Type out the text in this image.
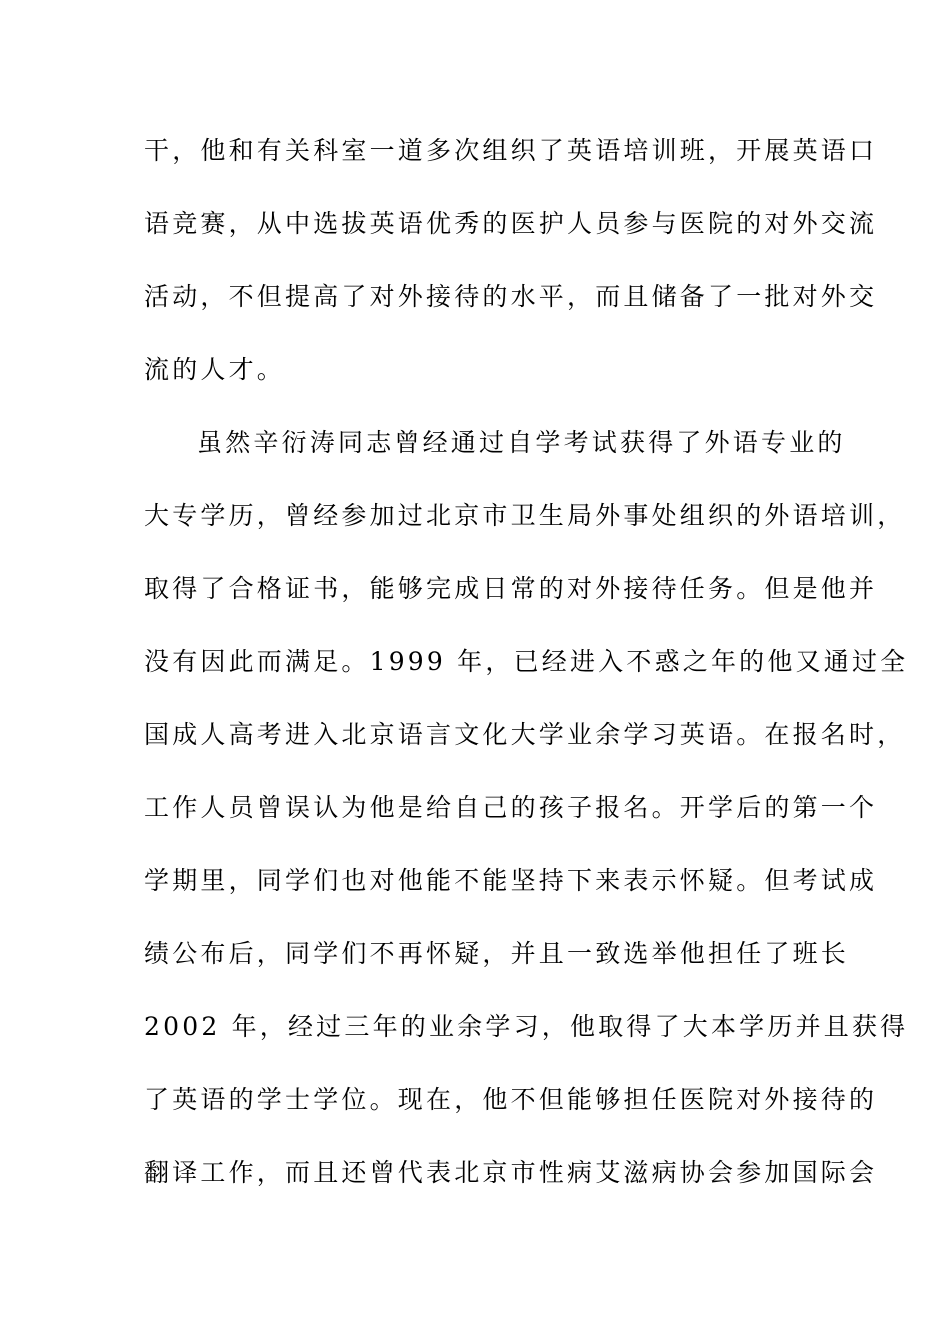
干，他和有关科室一道多次组织了英语培训班，开展英语口
语竞赛，从中选拔英语优秀的医护人员参与医院的对外交流
活动，不但提高了对外接待的水平，而且储备了一批对外交
流的人才。
虽然辛衍涛同志曾经通过自学考试获得了外语专业的
大专学历，曾经参加过北京市卫生局外事处组织的外语培训，
取得了合格证书，能够完成日常的对外接待任务。但是他并
没有因此而满足。1999 年，已经进入不惑之年的他又通过全
国成人高考进入北京语言文化大学业余学习英语。在报名时，
工作人员曾误认为他是给自己的孩子报名。开学后的第一个
学期里，同学们也对他能不能坚持下来表示怀疑。但考试成
绩公布后，同学们不再怀疑，并且一致选举他担任了班长
2002 年，经过三年的业余学习，他取得了大本学历并且获得
了英语的学士学位。现在，他不但能够担任医院对外接待的
翻译工作，而且还曾代表北京市性病艾滋病协会参加国际会
